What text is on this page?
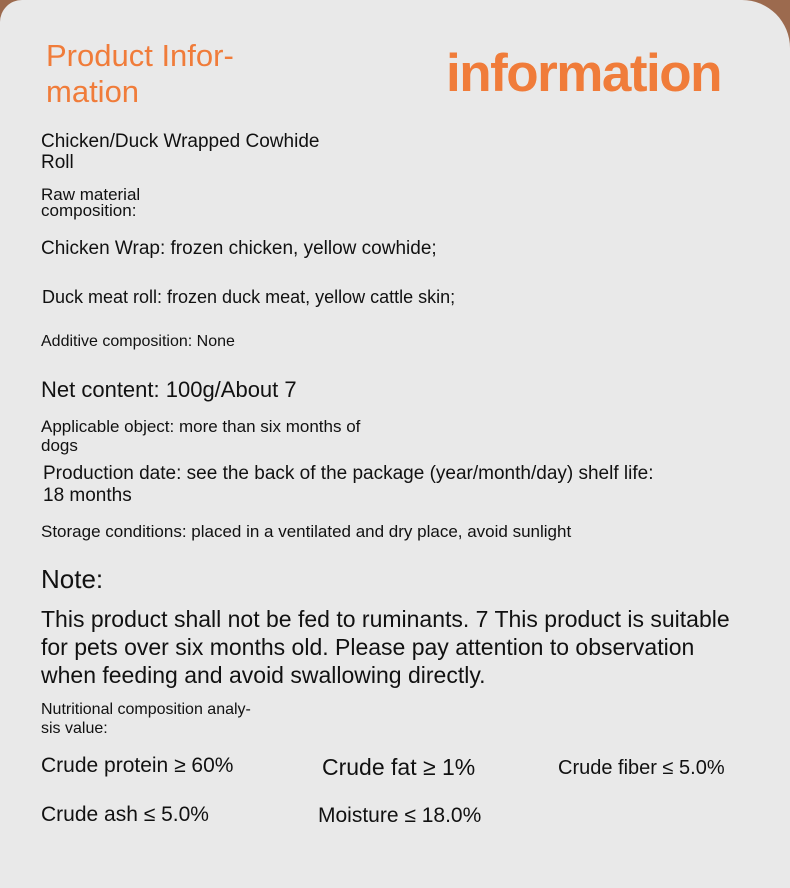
Product Infor-
mation	information
Chicken/Duck Wrapped Cowhide
Roll
Raw material
composition:
Chicken Wrap: frozen chicken, yellow cowhide;
Duck meat roll: frozen duck meat, yellow cattle skin;
Additive composition: None
Net content: 100g/About 7
Applicable object: more than six months of
dogs
Production date: see the back of the package (year/month/day) shelf life:
18 months
Storage conditions: placed in a ventilated and dry place, avoid sunlight
Note:
This product shall not be fed to ruminants. 7 This product is suitable
for pets over six months old. Please pay attention to observation
when feeding and avoid swallowing directly.
Nutritional composition analy-
sis value:
Crude protein ≥ 60%	Crude fat ≥ 1%	Crude fiber ≤ 5.0%
Crude ash ≤ 5.0%	Moisture ≤ 18.0%
